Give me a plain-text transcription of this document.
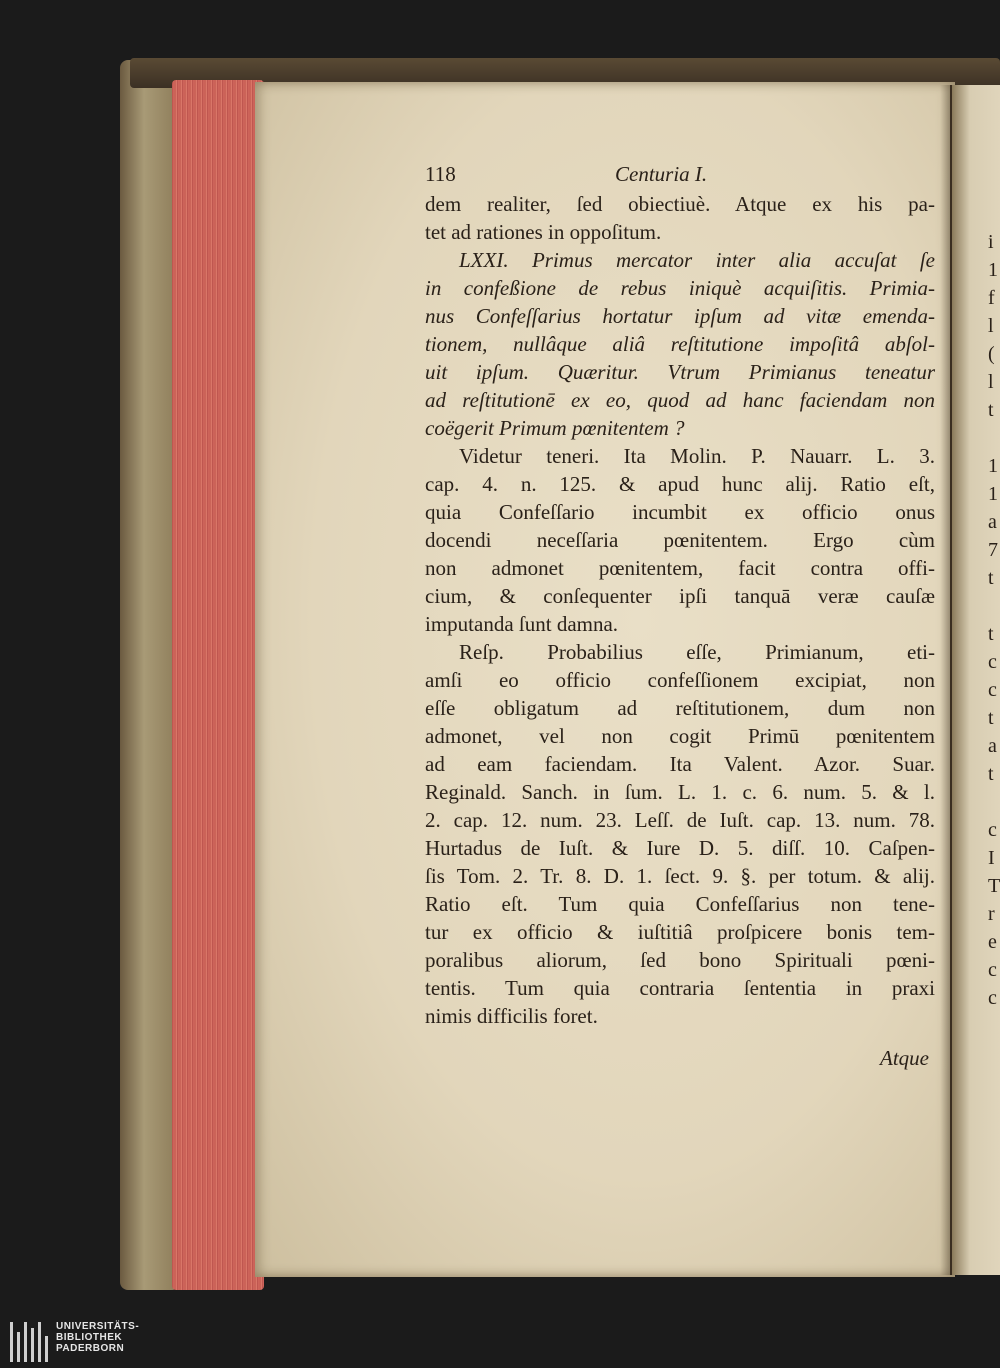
118	Centuria I.
dem realiter, ſed obiectiuè. Atque ex his pa-
tet ad rationes in oppoſitum.
LXXI. Primus mercator inter alia accuſat ſe
in confeßione de rebus iniquè acquiſitis. Primia-
nus Confeſſarius hortatur ipſum ad vitæ emenda-
tionem, nullâque aliâ reſtitutione impoſitâ abſol-
uit ipſum. Quæritur. Vtrum Primianus teneatur
ad reſtitutionē ex eo, quod ad hanc faciendam non
coëgerit Primum pœnitentem ?
Videtur teneri. Ita Molin. P. Nauarr. L. 3.
cap. 4. n. 125. & apud hunc alij. Ratio eſt,
quia Confeſſario incumbit ex officio onus
docendi neceſſaria pœnitentem. Ergo cùm
non admonet pœnitentem, facit contra offi-
cium, & conſequenter ipſi tanquā veræ cauſæ
imputanda ſunt damna.
Reſp. Probabilius eſſe, Primianum, eti-
amſi eo officio confeſſionem excipiat, non
eſſe obligatum ad reſtitutionem, dum non
admonet, vel non cogit Primū pœnitentem
ad eam faciendam. Ita Valent. Azor. Suar.
Reginald. Sanch. in ſum. L. 1. c. 6. num. 5. & l.
2. cap. 12. num. 23. Leſſ. de Iuſt. cap. 13. num. 78.
Hurtadus de Iuſt. & Iure D. 5. diſſ. 10. Caſpen-
ſis Tom. 2. Tr. 8. D. 1. ſect. 9. §. per totum. & alij.
Ratio eſt. Tum quia Confeſſarius non tene-
tur ex officio & iuſtitiâ proſpicere bonis tem-
poralibus aliorum, ſed bono Spirituali pœni-
tentis. Tum quia contraria ſententia in praxi
nimis difficilis foret.
Atque
i
1
f
l
(
l
t
1
1
a
7
t
t
c
c
t
a
t
c
I
T
r
e
c
c
UNIVERSITÄTS-
BIBLIOTHEK
PADERBORN
